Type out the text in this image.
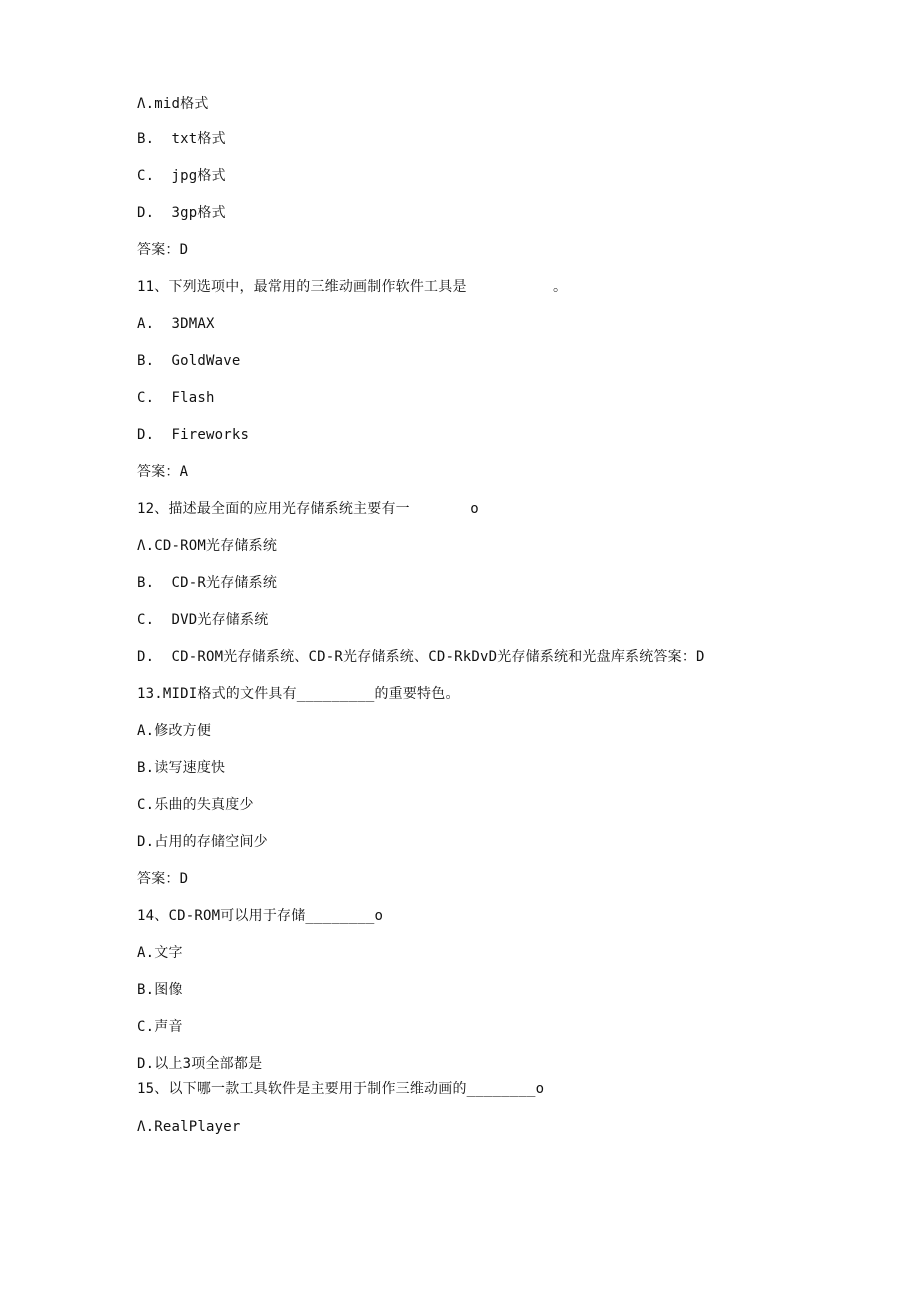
Λ.mid格式
B.  txt格式
C.  jpg格式
D.  3gp格式
答案：D
11、下列选项中，最常用的三维动画制作软件工具是          。
A.  3DMAX
B.  GoldWave
C.  Flash
D.  Fireworks
答案：A
12、描述最全面的应用光存储系统主要有一       o
Λ.CD-ROM光存储系统
B.  CD-R光存储系统
C.  DVD光存储系统
D.  CD-ROM光存储系统、CD-R光存储系统、CD-RkDvD光存储系统和光盘库系统答案：D
13.MIDI格式的文件具有_________的重要特色。
A.修改方便
B.读写速度快
C.乐曲的失真度少
D.占用的存储空间少
答案：D
14、CD-ROM可以用于存储________o
A.文字
B.图像
C.声音
D.以上3项全部都是
15、以下哪一款工具软件是主要用于制作三维动画的________o
Λ.RealPlayer
